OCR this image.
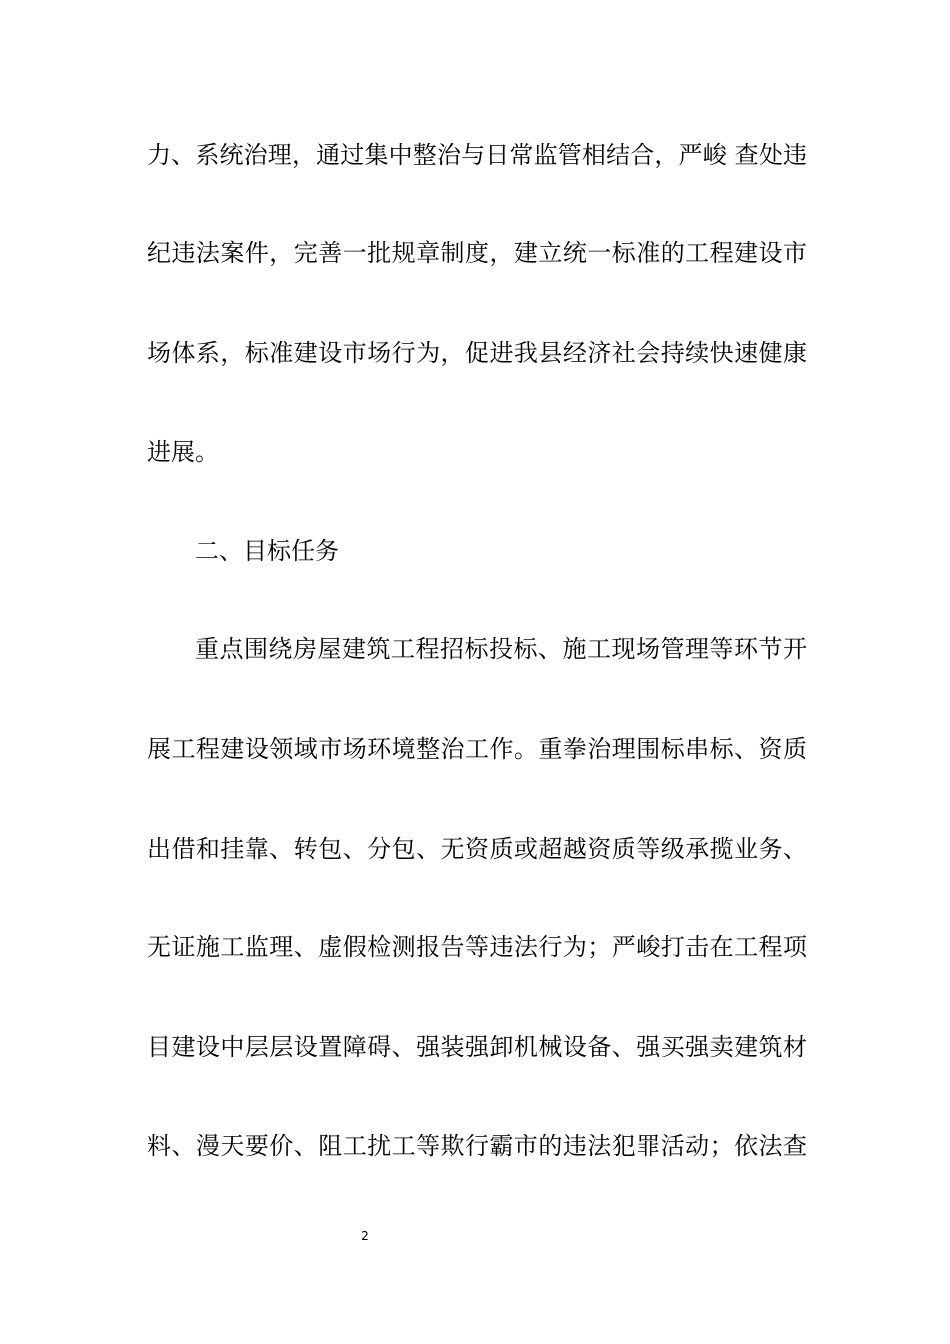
力、系统治理，通过集中整治与日常监管相结合，严峻 查处违
纪违法案件，完善一批规章制度，建立统一标准的工程建设市
场体系，标准建设市场行为，促进我县经济社会持续快速健康
进展。
二、目标任务
重点围绕房屋建筑工程招标投标、施工现场管理等环节开
展工程建设领域市场环境整治工作。重拳治理围标串标、资质
出借和挂靠、转包、分包、无资质或超越资质等级承揽业务、
无证施工监理、虚假检测报告等违法行为；严峻打击在工程项
目建设中层层设置障碍、强装强卸机械设备、强买强卖建筑材
料、漫天要价、阻工扰工等欺行霸市的违法犯罪活动；依法查
2
